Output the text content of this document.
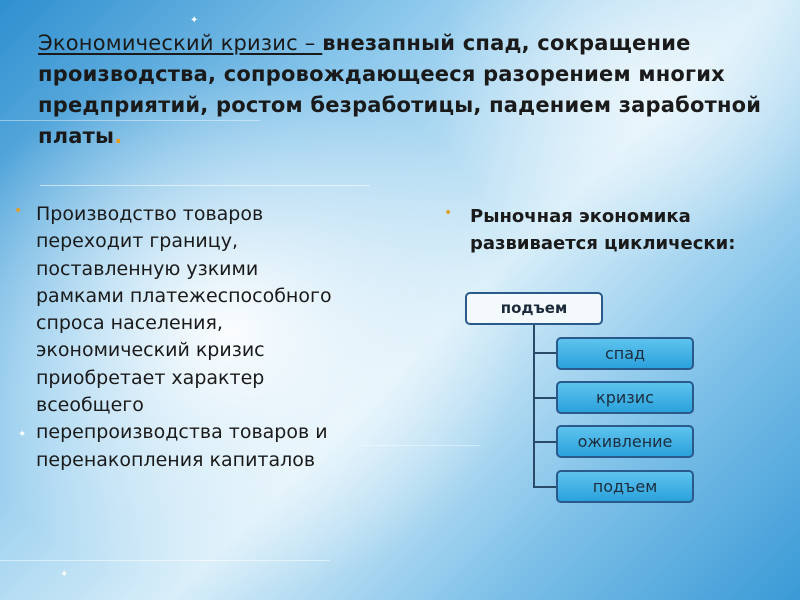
✦
✦
✦
Экономический кризис – внезапный спад, сокращение производства, сопровождающееся разорением многих предприятий, ростом безработицы, падением заработной платы.
• Производство товаров переходит границу, поставленную узкими рамками платежеспособного спроса населения, экономический кризис приобретает характер всеобщего перепроизводства товаров и перенакопления капиталов
• Рыночная экономика развивается циклически:
подъем
спад
кризис
оживление
подъем
